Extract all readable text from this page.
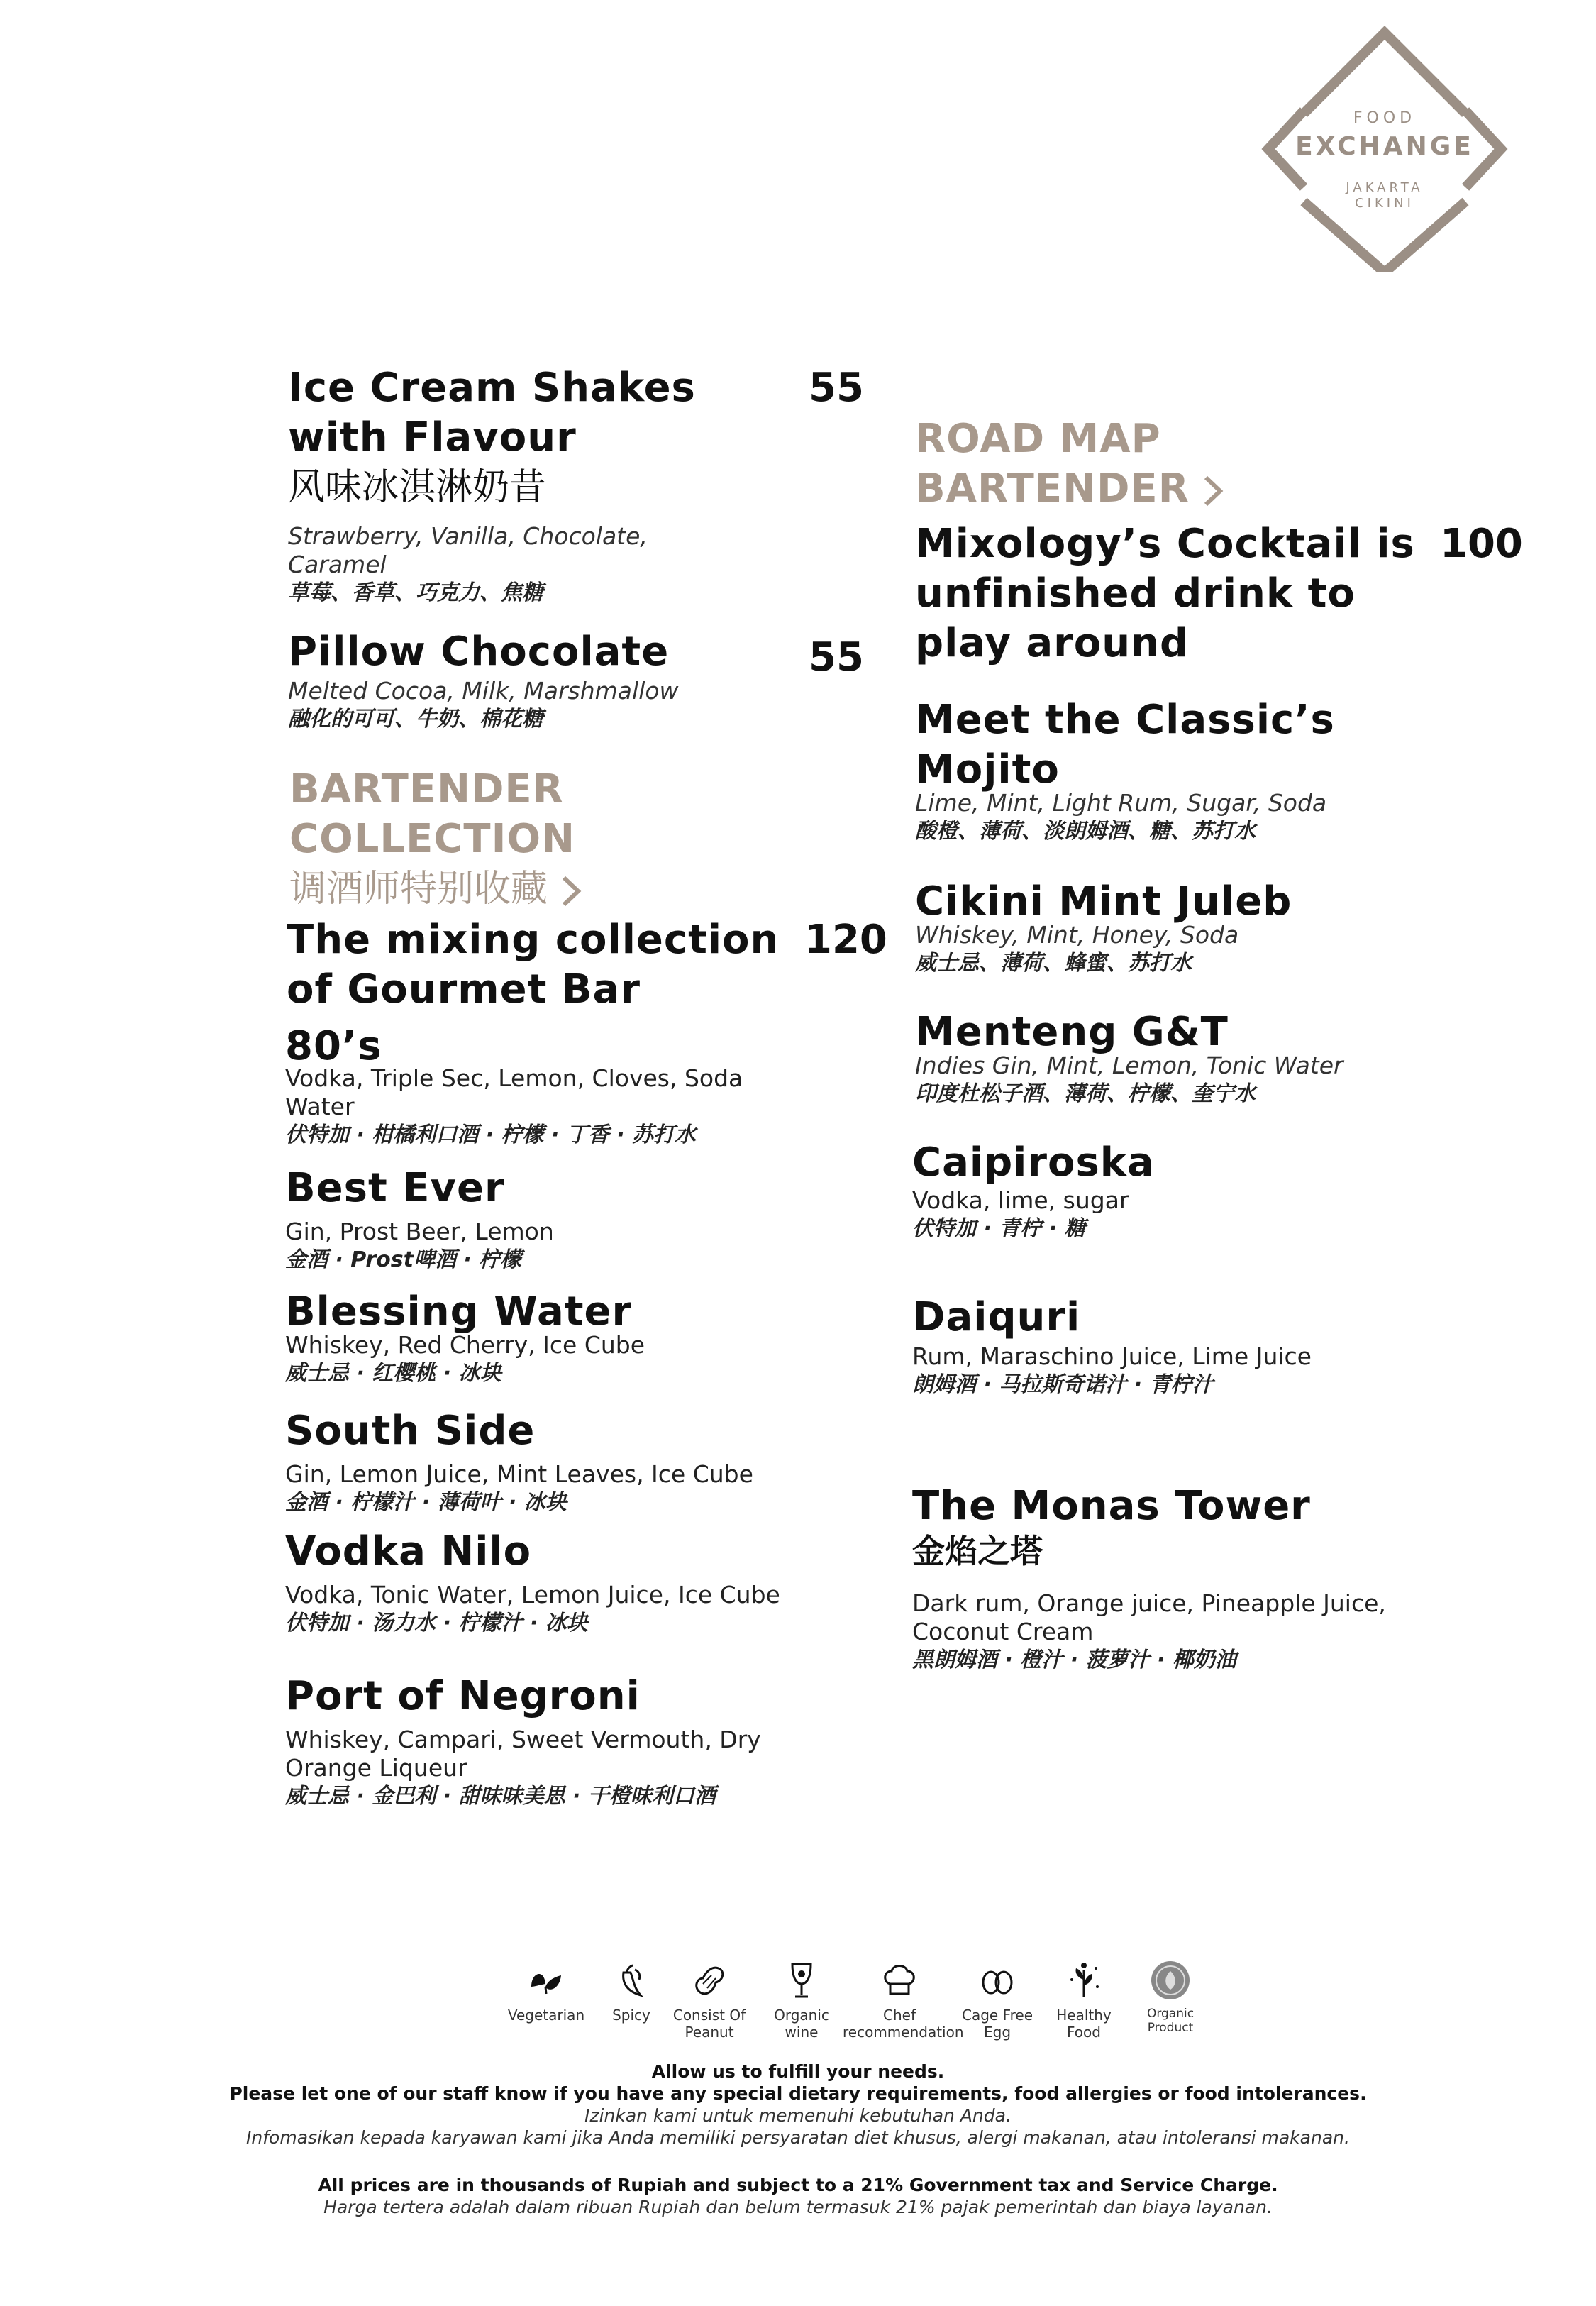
FOOD
EXCHANGE
JAKARTA
CIKINI
Ice Cream Shakes
with Flavour
风味冰淇淋奶昔
Strawberry, Vanilla, Chocolate,
Caramel
草莓、香草、巧克力、焦糖
55
Pillow Chocolate
Melted Cocoa, Milk, Marshmallow
融化的可可、牛奶、棉花糖
55
BARTENDER
COLLECTION
调酒师特别收藏
The mixing collection
of Gourmet Bar
120
80’s
Vodka, Triple Sec, Lemon, Cloves, Soda
Water
伏特加 · 柑橘利口酒 · 柠檬 · 丁香 · 苏打水
Best Ever
Gin, Prost Beer, Lemon
金酒 · Prost啤酒 · 柠檬
Blessing Water
Whiskey, Red Cherry, Ice Cube
威士忌 · 红樱桃 · 冰块
South Side
Gin, Lemon Juice, Mint Leaves, Ice Cube
金酒 · 柠檬汁 · 薄荷叶 · 冰块
Vodka Nilo
Vodka, Tonic Water, Lemon Juice, Ice Cube
伏特加 · 汤力水 · 柠檬汁 · 冰块
Port of Negroni
Whiskey, Campari, Sweet Vermouth, Dry
Orange Liqueur
威士忌 · 金巴利 · 甜味味美思 · 干橙味利口酒
ROAD MAP
BARTENDER
Mixology’s Cocktail is
unfinished drink to
play around
100
Meet the Classic’s
Mojito
Lime, Mint, Light Rum, Sugar, Soda
酸橙、薄荷、淡朗姆酒、糖、苏打水
Cikini Mint Juleb
Whiskey, Mint, Honey, Soda
威士忌、薄荷、蜂蜜、苏打水
Menteng G&T
Indies Gin, Mint, Lemon, Tonic Water
印度杜松子酒、薄荷、柠檬、奎宁水
Caipiroska
Vodka, lime, sugar
伏特加 · 青柠 · 糖
Daiquri
Rum, Maraschino Juice, Lime Juice
朗姆酒 · 马拉斯奇诺汁 · 青柠汁
The Monas Tower
金焰之塔
Dark rum, Orange juice, Pineapple Juice,
Coconut Cream
黑朗姆酒 · 橙汁 · 菠萝汁 · 椰奶油
Vegetarian	Spicy	Consist Of
Peanut
Organic
wine
Chef
recommendation
Cage Free
Egg
Healthy
Food
Organic
Product
Allow us to fulfill your needs.
Please let one of our staff know if you have any special dietary requirements, food allergies or food intolerances.
Izinkan kami untuk memenuhi kebutuhan Anda.
Infomasikan kepada karyawan kami jika Anda memiliki persyaratan diet khusus, alergi makanan, atau intoleransi makanan.
All prices are in thousands of Rupiah and subject to a 21% Government tax and Service Charge.
Harga tertera adalah dalam ribuan Rupiah dan belum termasuk 21% pajak pemerintah dan biaya layanan.
